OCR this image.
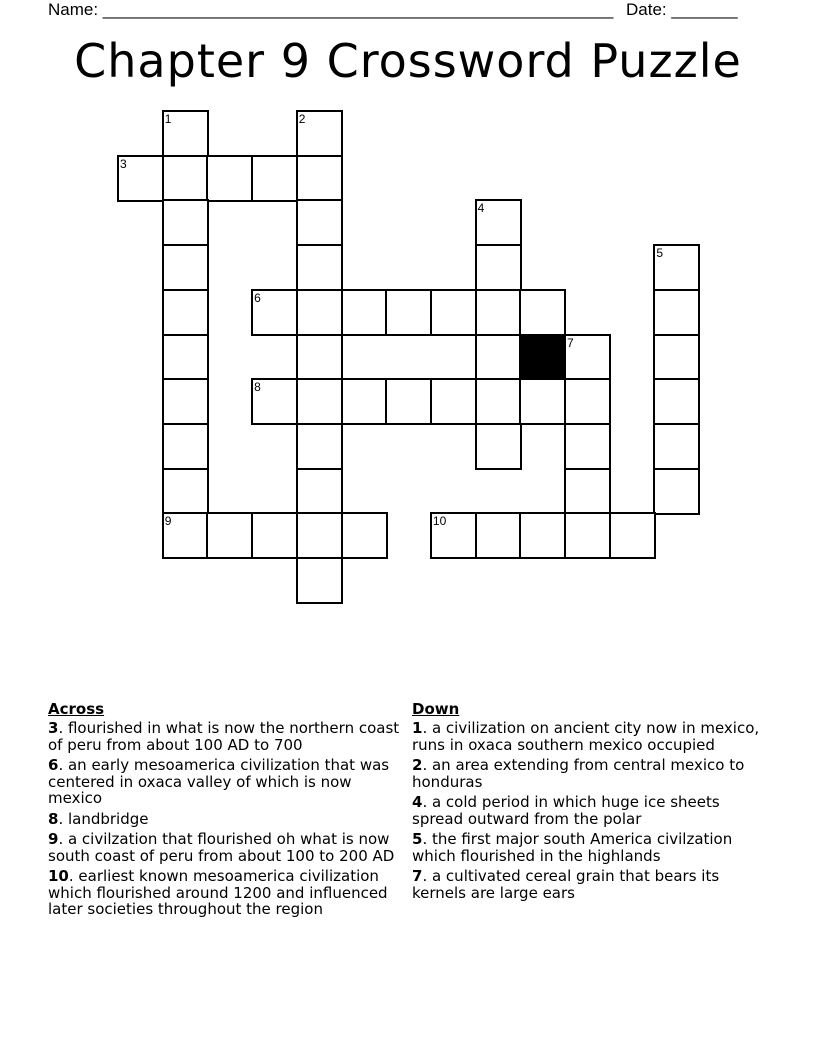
Name: ______________________________________________________ Date: _______
Chapter 9 Crossword Puzzle
1	2
3
4
5
6
7
8
9	10
Across
3. flourished in what is now the northern coast of peru from about 100 AD to 700
6. an early mesoamerica civilization that was centered in oxaca valley of which is now mexico
8. landbridge
9. a civilzation that flourished oh what is now south coast of peru from about 100 to 200 AD
10. earliest known mesoamerica civilization which flourished around 1200 and influenced later societies throughout the region
Down
1. a civilization on ancient city now in mexico, runs in oxaca southern mexico occupied
2. an area extending from central mexico to honduras
4. a cold period in which huge ice sheets spread outward from the polar
5. the first major south America civilzation which flourished in the highlands
7. a cultivated cereal grain that bears its kernels are large ears
